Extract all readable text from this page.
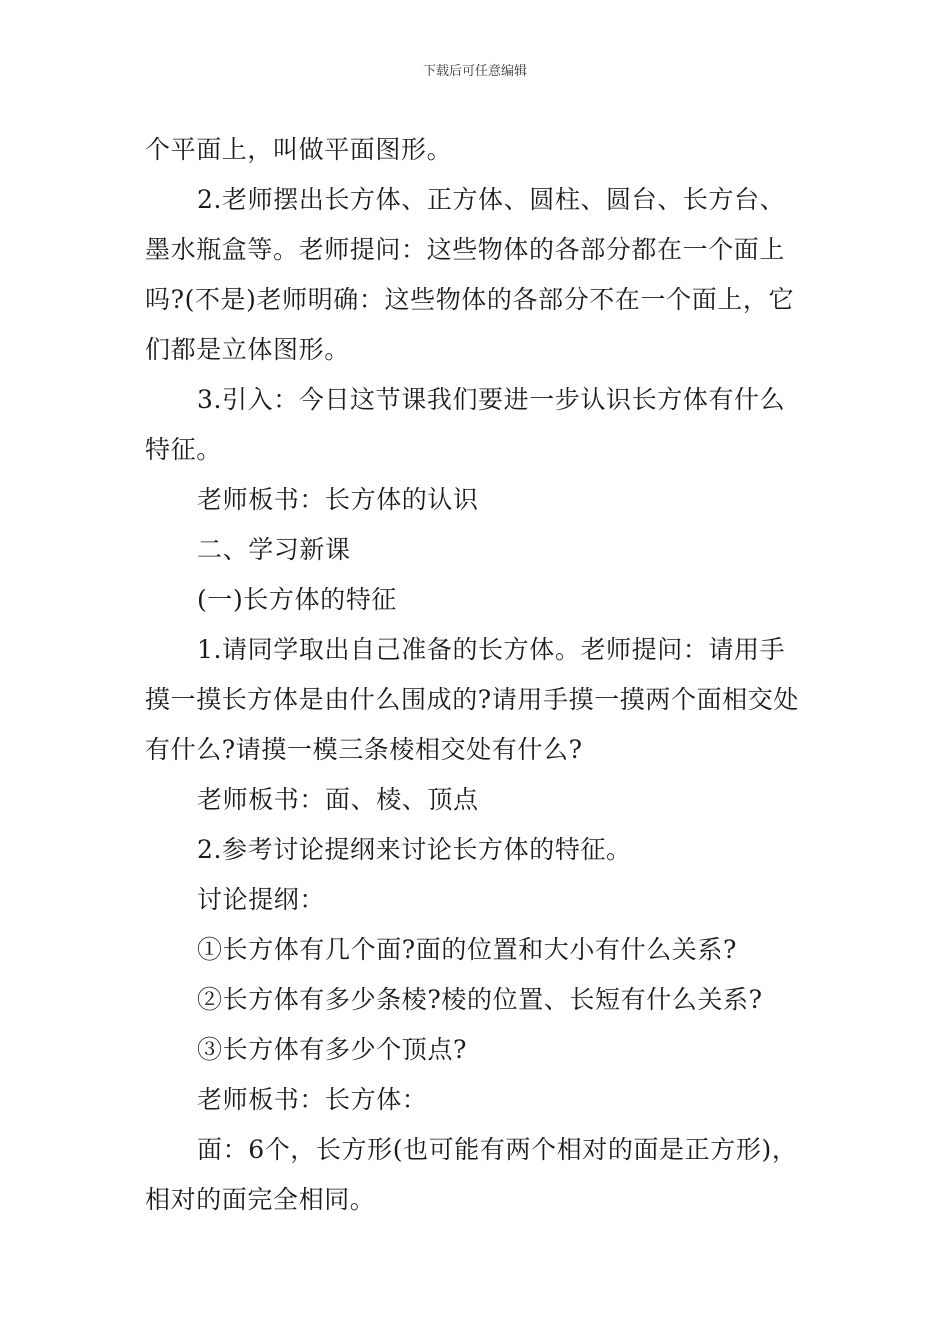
下载后可任意编辑
个平面上，叫做平面图形。
2.老师摆出长方体、正方体、圆柱、圆台、长方台、
墨水瓶盒等。老师提问：这些物体的各部分都在一个面上
吗?(不是)老师明确：这些物体的各部分不在一个面上，它
们都是立体图形。
3.引入：今日这节课我们要进一步认识长方体有什么
特征。
老师板书：长方体的认识
二、学习新课
(一)长方体的特征
1.请同学取出自己准备的长方体。老师提问：请用手
摸一摸长方体是由什么围成的?请用手摸一摸两个面相交处
有什么?请摸一模三条棱相交处有什么?
老师板书：面、棱、顶点
2.参考讨论提纲来讨论长方体的特征。
讨论提纲：
①长方体有几个面?面的位置和大小有什么关系?
②长方体有多少条棱?棱的位置、长短有什么关系?
③长方体有多少个顶点?
老师板书：长方体：
面：6个，长方形(也可能有两个相对的面是正方形)，
相对的面完全相同。
